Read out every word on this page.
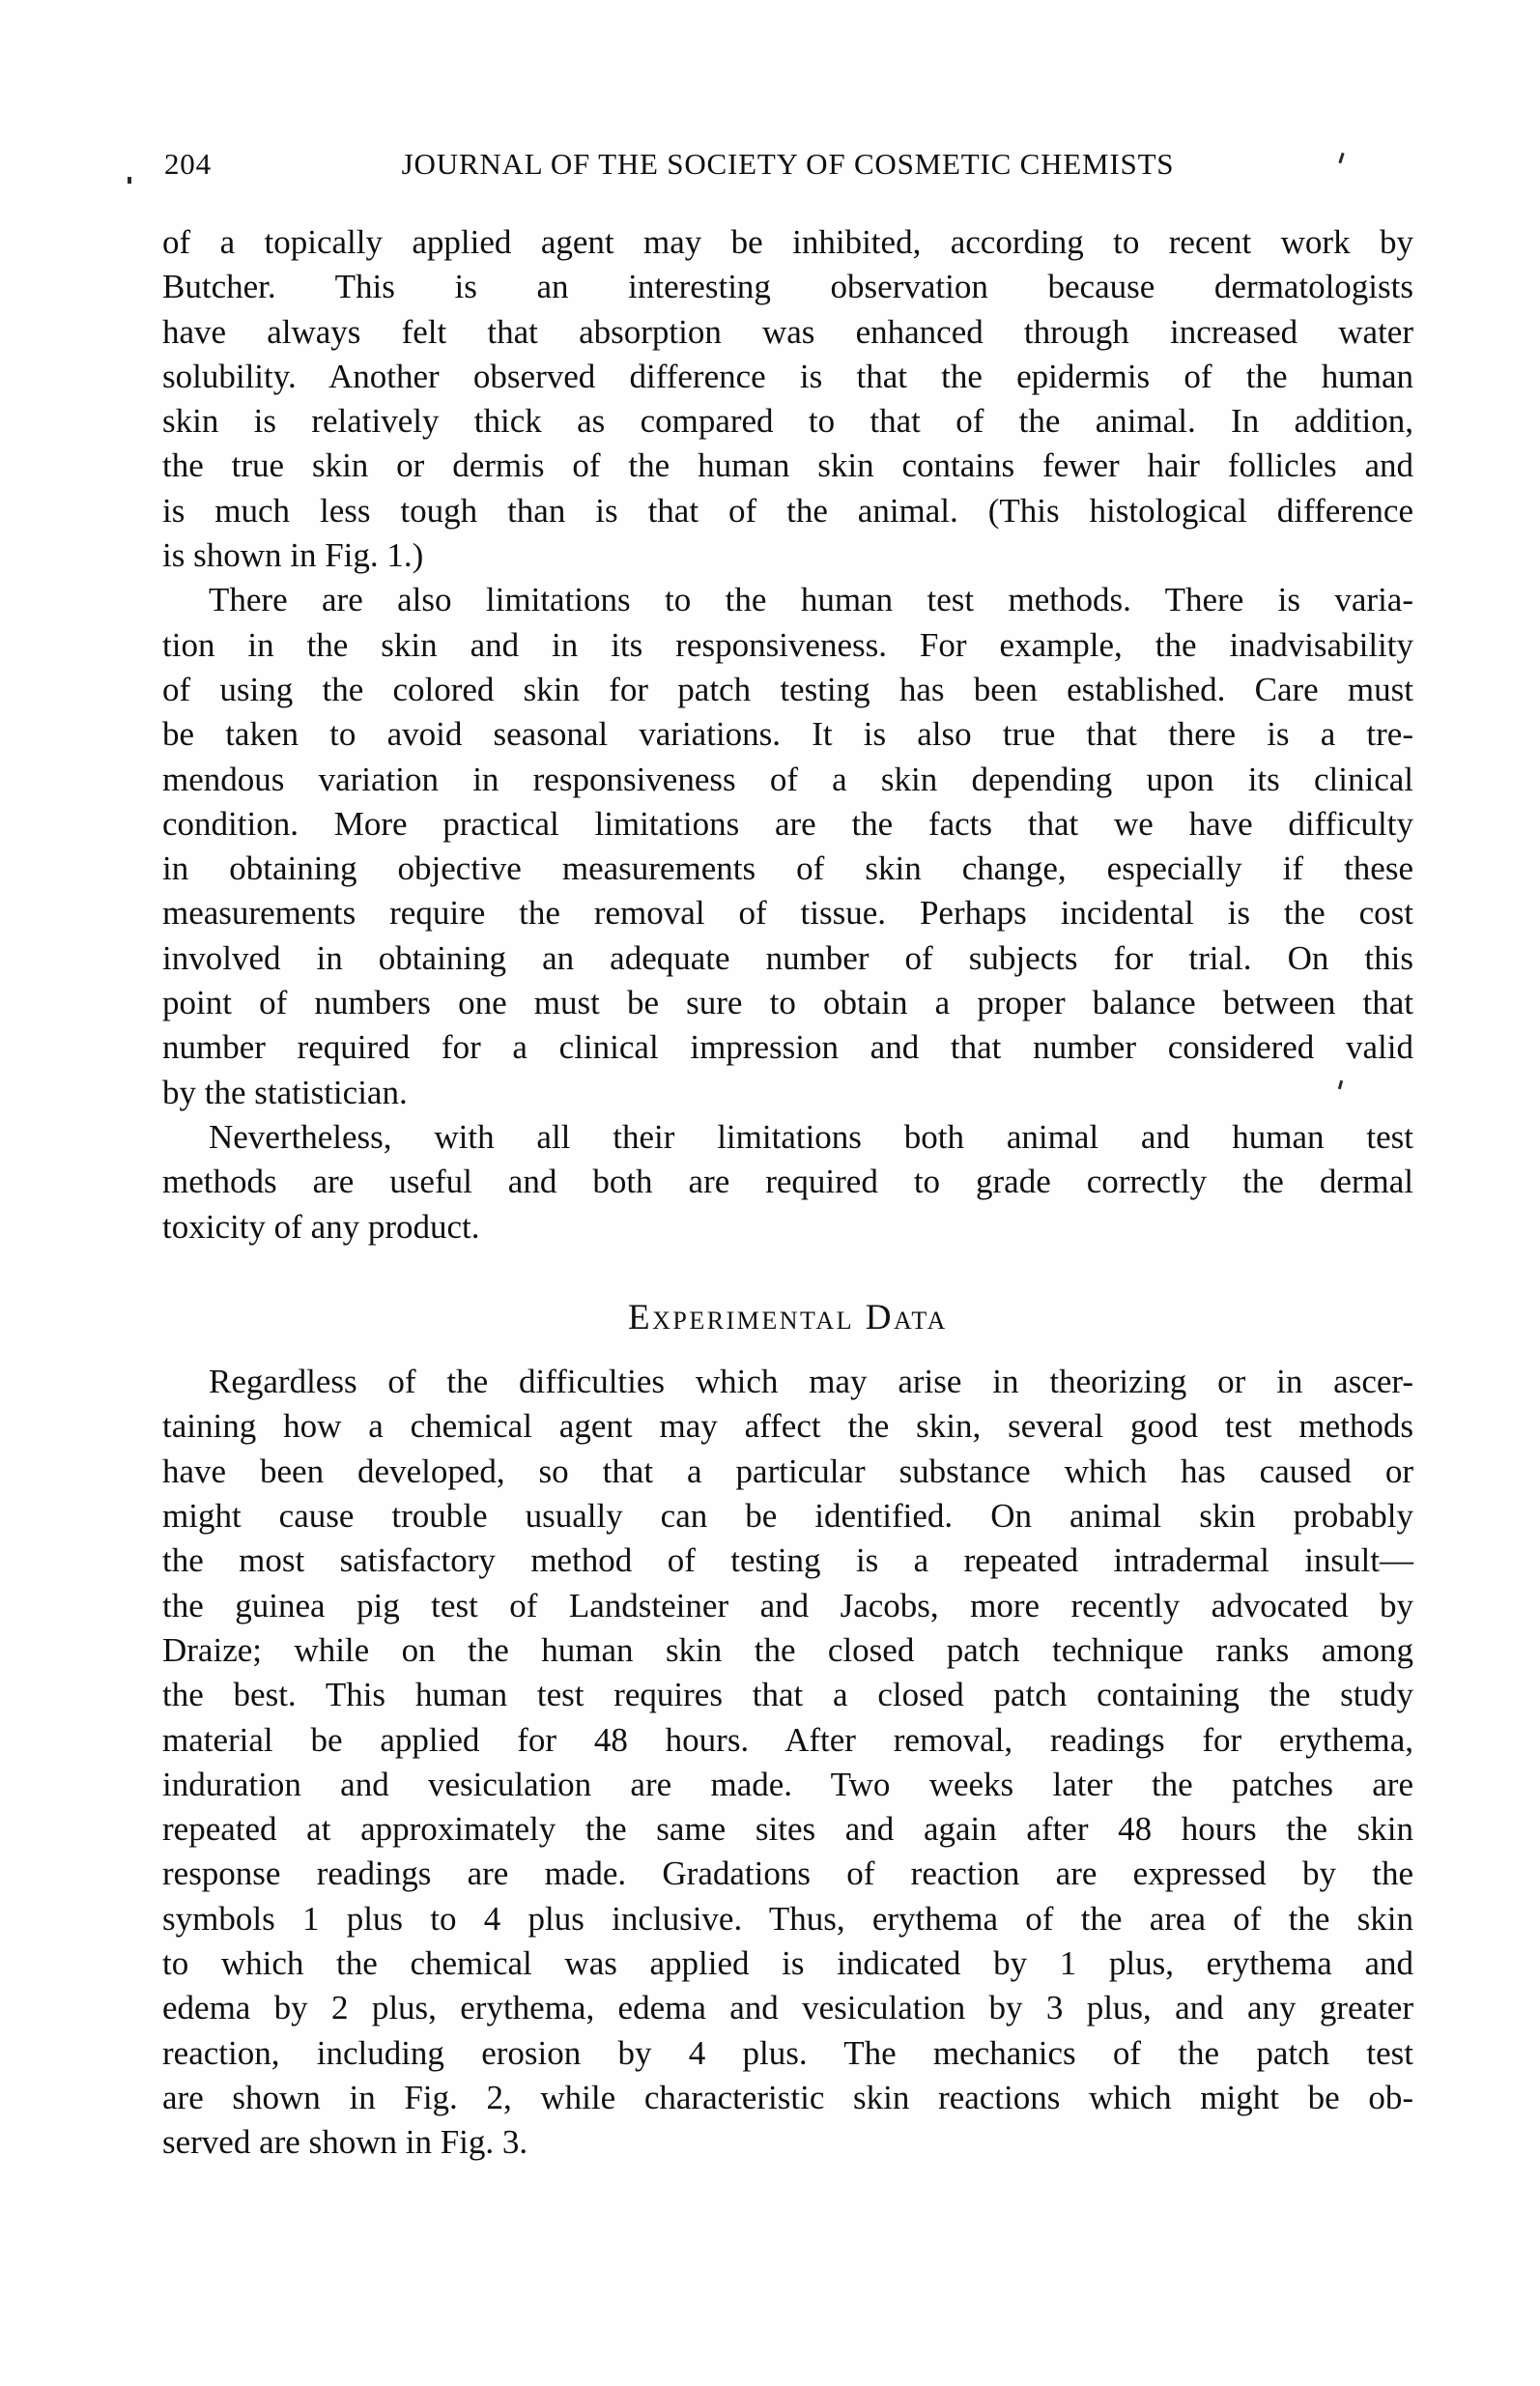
204	JOURNAL OF THE SOCIETY OF COSMETIC CHEMISTS

of a topically applied agent may be inhibited, according to recent work by
Butcher. This is an interesting observation because dermatologists
have always felt that absorption was enhanced through increased water
solubility. Another observed difference is that the epidermis of the human
skin is relatively thick as compared to that of the animal. In addition,
the true skin or dermis of the human skin contains fewer hair follicles and
is much less tough than is that of the animal. (This histological difference
is shown in Fig. 1.)

There are also limitations to the human test methods. There is varia-
tion in the skin and in its responsiveness. For example, the inadvisability
of using the colored skin for patch testing has been established. Care must
be taken to avoid seasonal variations. It is also true that there is a tre-
mendous variation in responsiveness of a skin depending upon its clinical
condition. More practical limitations are the facts that we have difficulty
in obtaining objective measurements of skin change, especially if these
measurements require the removal of tissue. Perhaps incidental is the cost
involved in obtaining an adequate number of subjects for trial. On this
point of numbers one must be sure to obtain a proper balance between that
number required for a clinical impression and that number considered valid
by the statistician.

Nevertheless, with all their limitations both animal and human test
methods are useful and both are required to grade correctly the dermal
toxicity of any product.

Experimental Data

Regardless of the difficulties which may arise in theorizing or in ascer-
taining how a chemical agent may affect the skin, several good test methods
have been developed, so that a particular substance which has caused or
might cause trouble usually can be identified. On animal skin probably
the most satisfactory method of testing is a repeated intradermal insult—
the guinea pig test of Landsteiner and Jacobs, more recently advocated by
Draize; while on the human skin the closed patch technique ranks among
the best. This human test requires that a closed patch containing the study
material be applied for 48 hours. After removal, readings for erythema,
induration and vesiculation are made. Two weeks later the patches are
repeated at approximately the same sites and again after 48 hours the skin
response readings are made. Gradations of reaction are expressed by the
symbols 1 plus to 4 plus inclusive. Thus, erythema of the area of the skin
to which the chemical was applied is indicated by 1 plus, erythema and
edema by 2 plus, erythema, edema and vesiculation by 3 plus, and any greater
reaction, including erosion by 4 plus. The mechanics of the patch test
are shown in Fig. 2, while characteristic skin reactions which might be ob-
served are shown in Fig. 3.
